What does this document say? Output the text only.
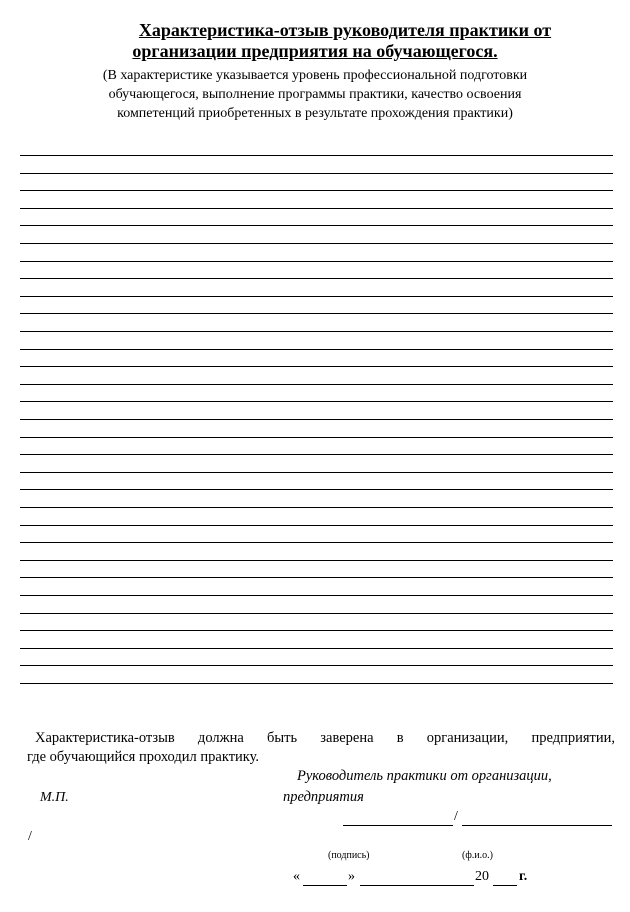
Характеристика-отзыв руководителя практики от
организации предприятия на обучающегося.
(В характеристике указывается уровень профессиональной подготовки
обучающегося, выполнение программы практики, качество освоения
компетенций приобретенных в результате прохождения практики)
Характеристика-отзыв должна быть заверена в организации, предприятии,
где обучающийся проходил практику.
Руководитель практики от организации,
предприятия
М.П.
/
/
(подпись)	(ф.и.о.)
«	»	20 г.
